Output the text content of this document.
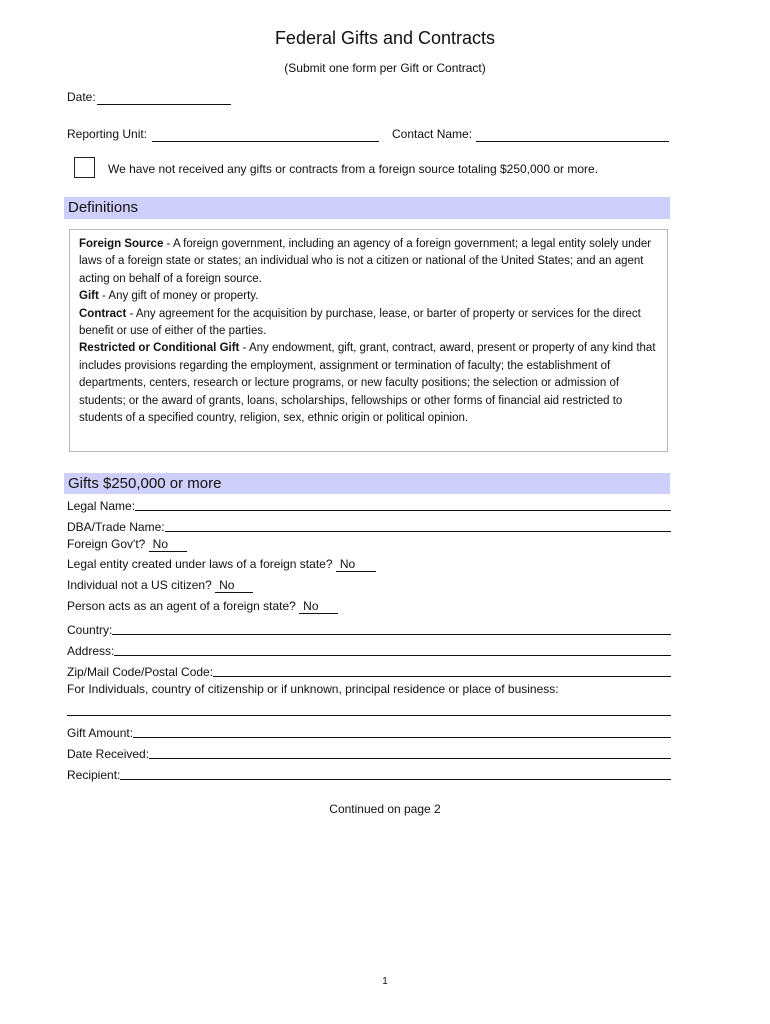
Federal Gifts and Contracts
(Submit one form per Gift or Contract)
Date:
Reporting Unit:	Contact Name:
We have not received any gifts or contracts from a foreign source totaling $250,000 or more.
Definitions

Foreign Source - A foreign government, including an agency of a foreign government; a legal entity solely under laws of a foreign state or states; an individual who is not a citizen or national of the United States; and an agent acting on behalf of a foreign source.

Gift - Any gift of money or property.

Contract - Any agreement for the acquisition by purchase, lease, or barter of property or services for the direct benefit or use of either of the parties.

Restricted or Conditional Gift - Any endowment, gift, grant, contract, award, present or property of any kind that includes provisions regarding the employment, assignment or termination of faculty; the establishment of departments, centers, research or lecture programs, or new faculty positions; the selection or admission of students; or the award of grants, loans, scholarships, fellowships or other forms of financial aid restricted to students of a specified country, religion, sex, ethnic origin or political opinion.

Gifts $250,000 or more
Legal Name:
DBA/Trade Name:
Foreign Gov't? No
Legal entity created under laws of a foreign state? No
Individual not a US citizen? No
Person acts as an agent of a foreign state? No
Country:
Address:
Zip/Mail Code/Postal Code:
For Individuals, country of citizenship or if unknown, principal residence or place of business:
Gift Amount:
Date Received:
Recipient:
Continued on page 2
1
